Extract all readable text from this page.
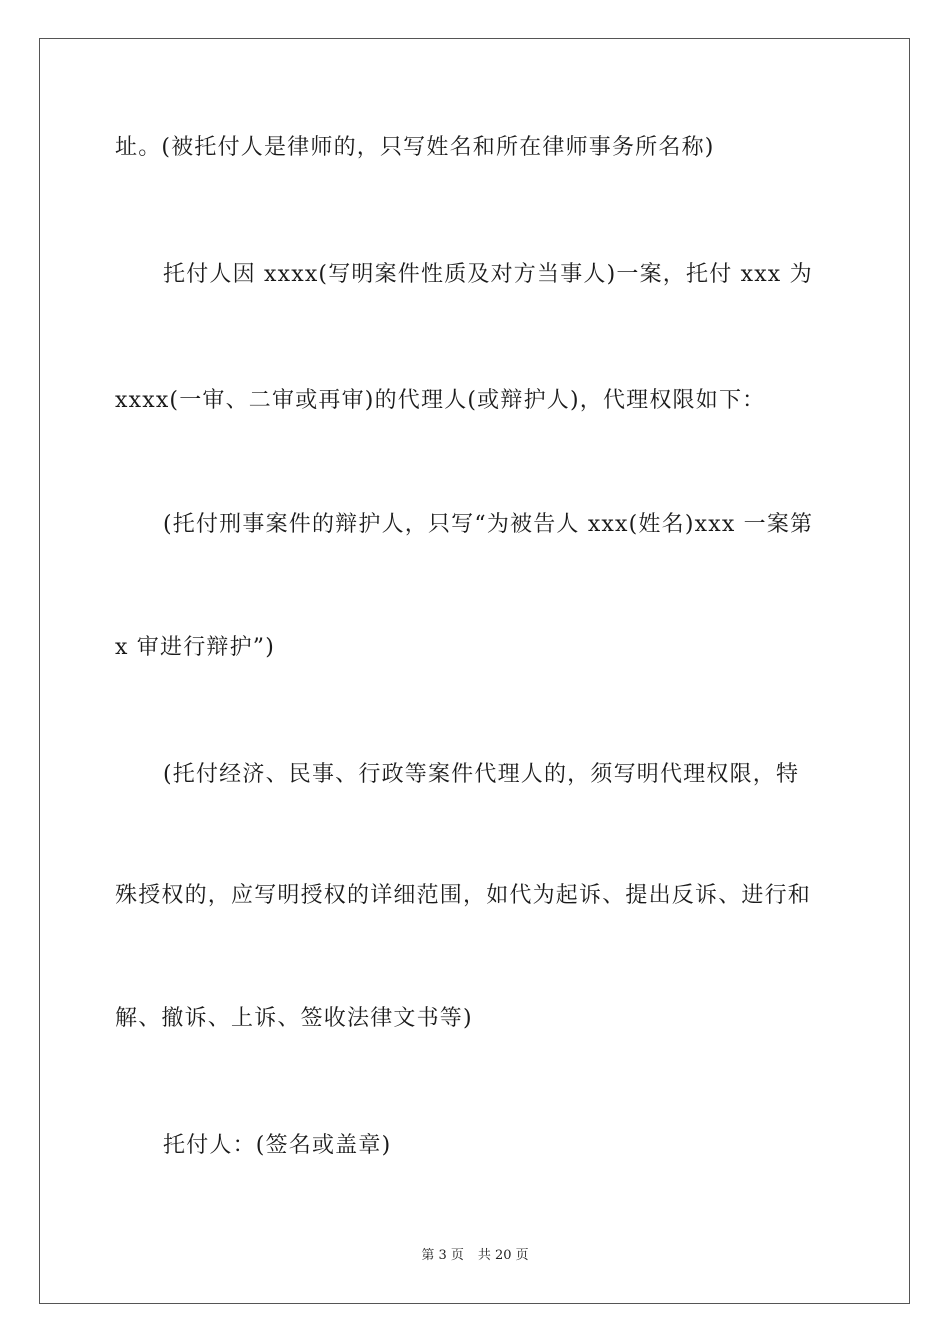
址。(被托付人是律师的，只写姓名和所在律师事务所名称)
托付人因 xxxx(写明案件性质及对方当事人)一案，托付 xxx 为
xxxx(一审、二审或再审)的代理人(或辩护人)，代理权限如下：
(托付刑事案件的辩护人，只写“为被告人 xxx(姓名)xxx 一案第
x 审进行辩护”)
(托付经济、民事、行政等案件代理人的，须写明代理权限，特
殊授权的，应写明授权的详细范围，如代为起诉、提出反诉、进行和
解、撤诉、上诉、签收法律文书等)
托付人：(签名或盖章)
第 3 页 共 20 页
